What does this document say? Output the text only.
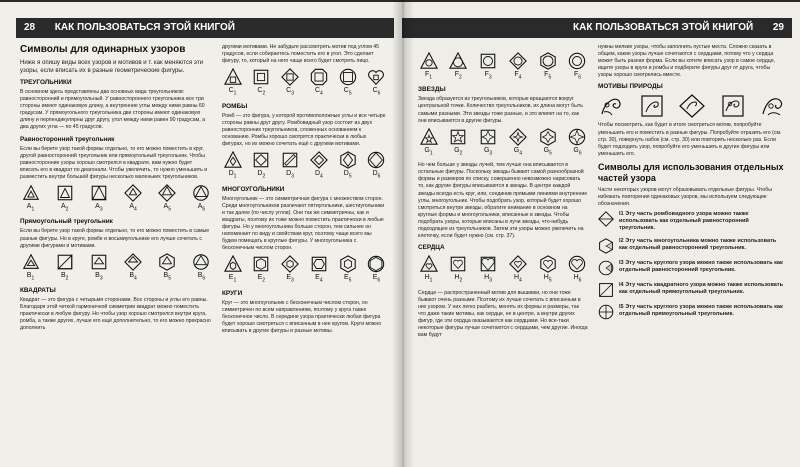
28 КАК ПОЛЬЗОВАТЬСЯ ЭТОЙ КНИГОЙ
Символы для одинарных узоров

Ниже я опишу виды всех узоров и мотивов и т. как меняются эти узоры, если вписать их в разные геометрические фигуры.

ТРЕУГОЛЬНИКИ

В основном здесь представлены два основных вида треугольников: равносторонний и прямоугольный. У равностороннего треугольника все три стороны имеют одинаковую длину, а внутренние углы между ними равны 60 градусам. У прямоугольного треугольника две стороны имеют одинаковую длину и перпендикулярны друг другу, угол между ними равен 90 градусам, а два других угла — по 45 градусов.

Равносторонний треугольник

Если вы берете узор такой формы отдельно, то его можно поместить в круг, другой равносторонний треугольник или прямоугольный треугольник. Чтобы равносторонние узоры хорошо смотрелся в квадрате, вам нужно будет вписать его в квадрат по диагонали. Чтобы увеличить, то нужно уменьшить и разместить внутри большей фигуры несколько маленьких треугольников.

$A_1$	$A_2$	$A_3$	$A_4$	$A_5$	$A_6$
Прямоугольный треугольник

Если вы берете узор такой формы отдельно, то его можно поместить в самые разные фигуры. Но в круге, ромбе и восьмиугольнике его лучше сочетать с другими фигурами и мотивами.

$B_1$	$B_2$	$B_3$	$B_4$	$B_5$	$B_6$
КВАДРАТЫ

Квадрат — это фигура с четырьмя сторонами. Все стороны и углы его равны. Благодаря этой четкой гармоничной симметрии квадрат можно поместить практически в любую фигуру. Но чтобы узор хорошо смотрелся внутри круга, ромба, а также других, лучше его ещё дополнительно, то его можно прекрасно дополнить

другими мотивами. Не забудьте рассмотреть мотив под углом 45 градусов, если собираетесь поместить его в угол. Это сделает фигуру, то, который на него чаще всего будет смотреть лицо.

$C_1$	$C_2$	$C_3$	$C_4$	$C_5$	$C_6$
РОМБЫ

Ромб — это фигура, у которой противоположные углы и все четыре стороны равны друг другу. Ромбовидный узор состоит из двух равносторонних треугольников, сложенных основанием к основанию. Ромбы хорошо смотрятся практически в любых фигурах, но их можно сочетать ещё с другими мотивами.

$D_1$	$D_2$	$D_3$	$D_4$	$D_5$	$D_6$
МНОГОУГОЛЬНИКИ

Многоугольник — это симметричная фигура с множеством сторон. Среди многоугольников различают пятиугольники, шестиугольники и так далее (по числу углов). Они так же симметричны, как и квадраты, поэтому их тоже можно поместить практически в любые фигуры. Но у многоугольника больше сторон, тем сильнее он напоминает по виду и свойствам круг, поэтому чаще всего мы будем помещать в круглые фигуры. У многоугольника с бесконечным числом сторон.

$E_1$	$E_2$	$E_3$	$E_4$	$E_5$	$E_6$
КРУГИ

Круг — это многоугольник с бесконечным числом сторон, он симметричен по всем направлениям, поэтому у круга также бесконечное число. В середине узора практически любая фигура будет хорошо смотреться с вписанным в нее кругом. Круги можно вписывать в другие фигуры и разные мотивы.

КАК ПОЛЬЗОВАТЬСЯ ЭТОЙ КНИГОЙ 29
$F_1$	$F_2$	$F_3$	$F_4$	$F_5$	$F_6$
ЗВЕЗДЫ

Звезда образуется из треугольников, которые вращаются вокруг центральной точки. Количество треугольников, их длина могут быть самыми разными. Эти звезды тоже разные, и это влияет на то, как они вписываются в другие фигуры.

$G_1$	$G_2$	$G_3$	$G_4$	$G_5$	$G_6$

Но чем больше у звезды лучей, тем лучше она вписывается в остальные фигуры. Поскольку звезды бывают самой разнообразной формы и размеров по списку, совершенно невозможно нарисовать то, как другие фигуры вписываются в звезды. В центре каждой звезды всегда есть круг, или, соединив прямыми линиями внутренние углы, многоугольник. Чтобы подобрать узор, который будет хорошо смотреться внутри звезды, обратите внимание в основном на круглые формы и многоугольники, вписанные в звезды. Чтобы подобрать узоры, которые вписаны в лучи звезды, что-нибудь подходящее из треугольников. Затем эти узоры можно увеличить на клеточку, если будет нужно (см. стр. 37).

СЕРДЦА
$H_1$	$H_2$	$H_3$	$H_4$	$H_5$	$H_6$

Сердце — распространенный мотив для вышивки, но они тоже бывают очень разными. Поэтому их лучше сочетать с вписанным в них узором. У них легко разбить, менять их формы и размеры, так что даже такие мотивы, как сердце, не в центре, а внутри других фигур, где эти сердца оказываются как сердцами. Но все-таки некоторые фигуры лучше сочетаются с сердцами, чем другие. Иногда вам будут

нужны мелкие узоры, чтобы заполнить пустые места. Сложно сказать в общем, какие узоры лучше сочетаются с сердцами, потому что у сердца может быть разная форма. Если вы хотите вписать узор в самое сердце, ищите узоры в круги и ромбы и подберите фигуры друг от друга, чтобы узоры хорошо смотрелись вместе.

МОТИВЫ ПРИРОДЫ

Чтобы посмотреть, как будет в итоге смотреться мотив, попробуйте уменьшить его и поместить в разные фигуры. Попробуйте отразить его (см. стр. 30), повернуть набок (см. стр. 30) или повторить несколько раз. Если будет подходить узор, попробуйте его уменьшить в другие фигуры или уменьшить его.

Символы для использования отдельных частей узора

Части некоторых узоров могут образовывать отдельные фигуры. Чтобы избежать повторения одинаковых узоров, мы используем следующие обозначения.

I1 Эту часть ромбовидного узора можно также использовать как отдельный равносторонний треугольник.
I2 Эту часть многоугольника можно также использовать как отдельный равносторонний треугольник.
I3 Эту часть круглого узора можно также использовать как отдельный равносторонний треугольник.
I4 Эту часть квадратного узора можно также использовать как отдельный прямоугольный треугольник.
I5 Эту часть круглого узора можно также использовать как отдельный прямоугольный треугольник.
